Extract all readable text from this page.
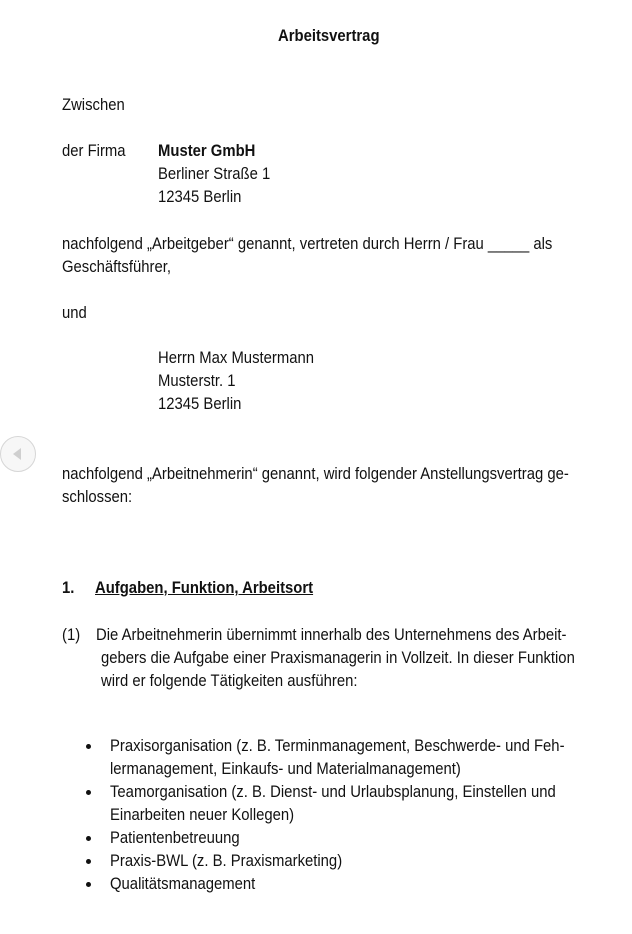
Arbeitsvertrag
Zwischen
der Firma Muster GmbH
Berliner Straße 1
12345 Berlin
nachfolgend „Arbeitgeber“ genannt, vertreten durch Herrn / Frau _____ als
Geschäftsführer,
und
Herrn Max Mustermann
Musterstr. 1
12345 Berlin
nachfolgend „Arbeitnehmerin“ genannt, wird folgender Anstellungsvertrag ge-
schlossen:
1. Aufgaben, Funktion, Arbeitsort
(1) Die Arbeitnehmerin übernimmt innerhalb des Unternehmens des Arbeit-
gebers die Aufgabe einer Praxismanagerin in Vollzeit. In dieser Funktion
wird er folgende Tätigkeiten ausführen:
Praxisorganisation (z. B. Terminmanagement, Beschwerde- und Feh-
lermanagement, Einkaufs- und Materialmanagement)
Teamorganisation (z. B. Dienst- und Urlaubsplanung, Einstellen und
Einarbeiten neuer Kollegen)
Patientenbetreuung
Praxis-BWL (z. B. Praxismarketing)
Qualitätsmanagement
